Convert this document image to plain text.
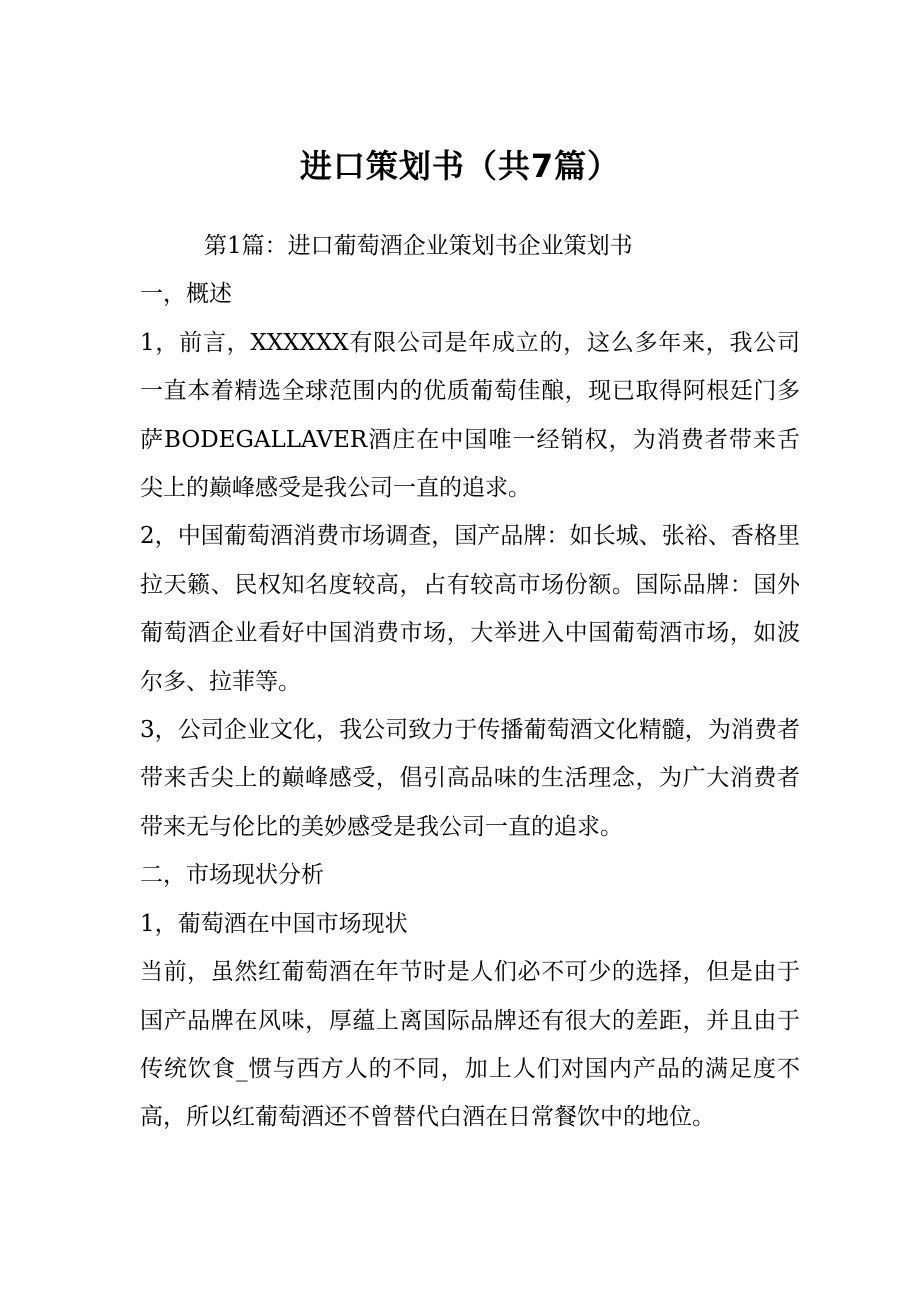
进口策划书（共7篇）

第1篇：进口葡萄酒企业策划书企业策划书

一，概述

1，前言，XXXXXX有限公司是年成立的，这么多年来，我公司一直本着精选全球范围内的优质葡萄佳酿，现已取得阿根廷门多萨BODEGALLAVER酒庄在中国唯一经销权，为消费者带来舌尖上的巅峰感受是我公司一直的追求。

2，中国葡萄酒消费市场调查，国产品牌：如长城、张裕、香格里拉天籁、民权知名度较高，占有较高市场份额。国际品牌：国外葡萄酒企业看好中国消费市场，大举进入中国葡萄酒市场，如波尔多、拉菲等。

3，公司企业文化，我公司致力于传播葡萄酒文化精髓，为消费者带来舌尖上的巅峰感受，倡引高品味的生活理念，为广大消费者带来无与伦比的美妙感受是我公司一直的追求。

二，市场现状分析

1，葡萄酒在中国市场现状

当前，虽然红葡萄酒在年节时是人们必不可少的选择，但是由于国产品牌在风味，厚蕴上离国际品牌还有很大的差距，并且由于传统饮食_惯与西方人的不同，加上人们对国内产品的满足度不高，所以红葡萄酒还不曾替代白酒在日常餐饮中的地位。
